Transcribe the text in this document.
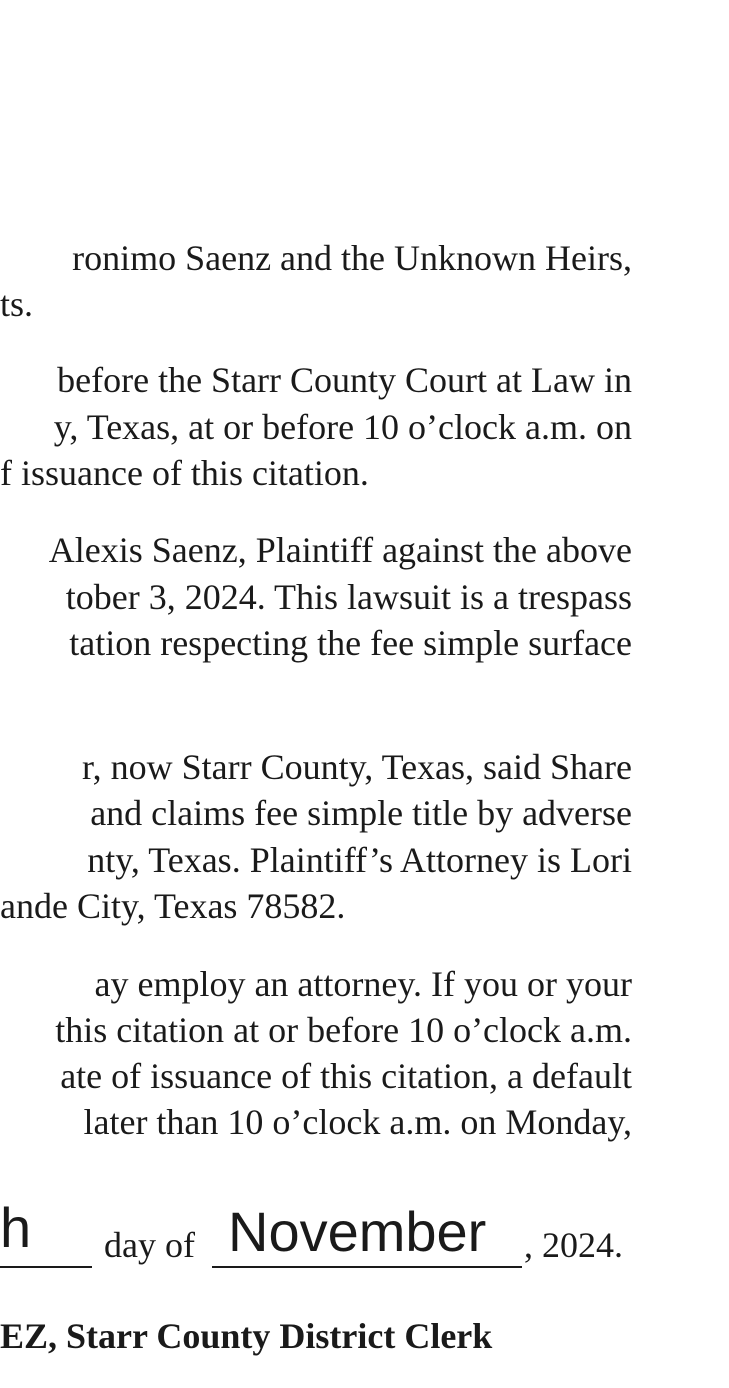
ronimo Saenz and the Unknown Heirs,

ts.

before the Starr County Court at Law in

y, Texas, at or before 10 o’clock a.m. on

f issuance of this citation.

Alexis Saenz, Plaintiff against the above

tober 3, 2024. This lawsuit is a trespass

tation respecting the fee simple surface

r, now Starr County, Texas, said Share

and claims fee simple title by adverse

nty, Texas. Plaintiff’s Attorney is Lori

ande City, Texas 78582.

ay employ an attorney. If you or your

this citation at or before 10 o’clock a.m.

ate of issuance of this citation, a default

later than 10 o’clock a.m. on Monday,

h day of November , 2024.
EZ, Starr County District Clerk
